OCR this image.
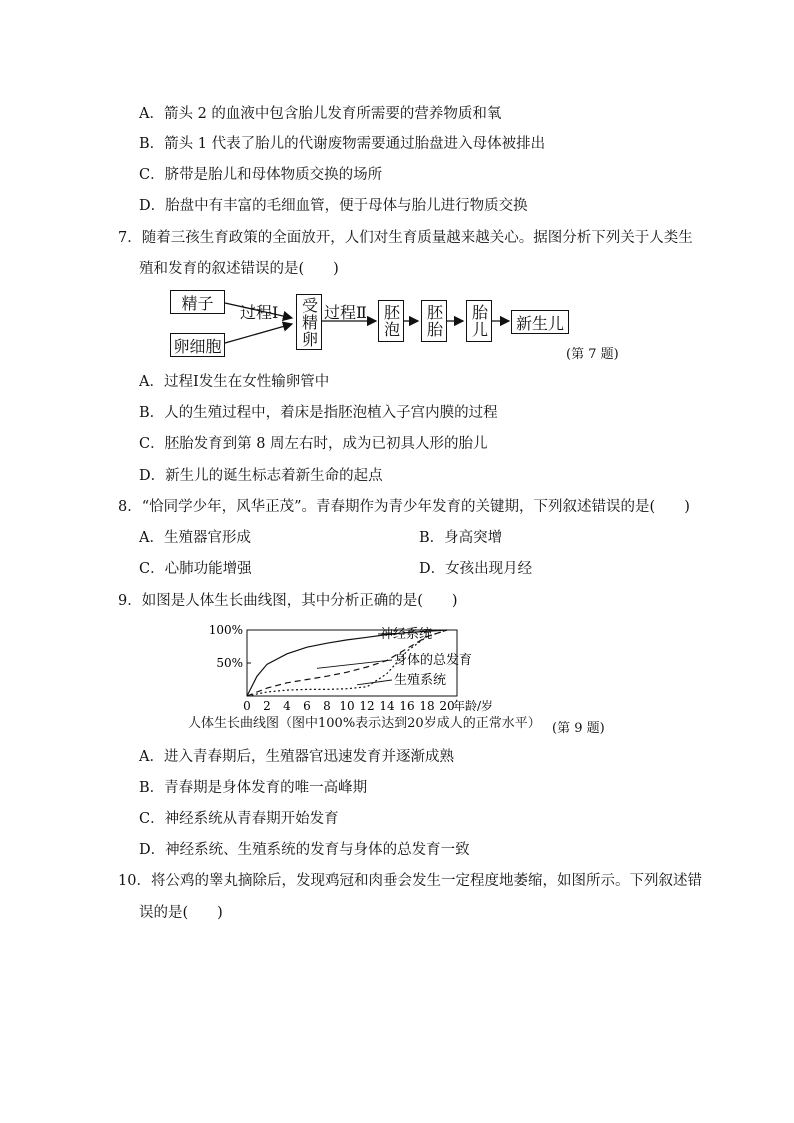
A．箭头 2 的血液中包含胎儿发育所需要的营养物质和氧
B．箭头 1 代表了胎儿的代谢废物需要通过胎盘进入母体被排出
C．脐带是胎儿和母体物质交换的场所
D．胎盘中有丰富的毛细血管，便于母体与胎儿进行物质交换
7．随着三孩生育政策的全面放开，人们对生育质量越来越关心。据图分析下列关于人类生
殖和发育的叙述错误的是(　　)
精子
卵细胞
过程Ⅰ 受精卵 过程Ⅱ 胚泡 胚胎 胎儿	新生儿
(第 7 题)
A．过程Ⅰ发生在女性输卵管中
B．人的生殖过程中，着床是指胚泡植入子宫内膜的过程
C．胚胎发育到第 8 周左右时，成为已初具人形的胎儿
D．新生儿的诞生标志着新生命的起点
8．“恰同学少年，风华正茂”。青春期作为青少年发育的关键期，下列叙述错误的是(　　)
A．生殖器官形成	B．身高突增
C．心肺功能增强	D．女孩出现月经
9．如图是人体生长曲线图，其中分析正确的是(　　)
50%
100%
0 2 4 6 8 10 12 14 16 18 20
年龄/岁
神经系统
身体的总发育
生殖系统
人体生长曲线图（图中100%表示达到20岁成人的正常水平） (第 9 题)
A．进入青春期后，生殖器官迅速发育并逐渐成熟
B．青春期是身体发育的唯一高峰期
C．神经系统从青春期开始发育
D．神经系统、生殖系统的发育与身体的总发育一致
10．将公鸡的睾丸摘除后，发现鸡冠和肉垂会发生一定程度地萎缩，如图所示。下列叙述错
误的是(　　)
